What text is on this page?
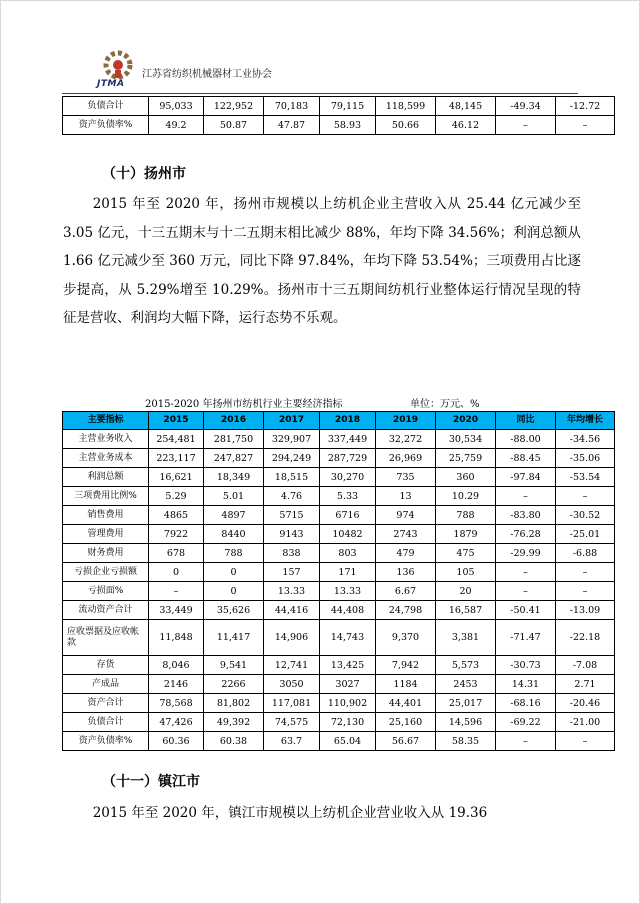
JTMA
江苏省纺织机械器材工业协会
负债合计	95,033	122,952	70,183	79,115	118,599	48,145	-49.34	-12.72
资产负债率%	49.2	50.87	47.87	58.93	50.66	46.12	–	–
（十）扬州市

2015 年至 2020 年，扬州市规模以上纺机企业主营收入从 25.44 亿元减少至 3.05 亿元，十三五期末与十二五期末相比减少 88%，年均下降 34.56%；利润总额从 1.66 亿元减少至 360 万元，同比下降 97.84%，年均下降 53.54%；三项费用占比逐步提高，从 5.29%增至 10.29%。扬州市十三五期间纺机行业整体运行情况呈现的特征是营收、利润均大幅下降，运行态势不乐观。

2015-2020 年扬州市纺机行业主要经济指标	单位：万元、%
主要指标	2015	2016	2017	2018	2019	2020	同比	年均增长
主营业务收入	254,481	281,750	329,907	337,449	32,272	30,534	-88.00	-34.56
主营业务成本	223,117	247,827	294,249	287,729	26,969	25,759	-88.45	-35.06
利润总额	16,621	18,349	18,515	30,270	735	360	-97.84	-53.54
三项费用比例%	5.29	5.01	4.76	5.33	13	10.29	–	–
销售费用	4865	4897	5715	6716	974	788	-83.80	-30.52
管理费用	7922	8440	9143	10482	2743	1879	-76.28	-25.01
财务费用	678	788	838	803	479	475	-29.99	-6.88
亏损企业亏损额	0	0	157	171	136	105	–	–
亏损面%	–	0	13.33	13.33	6.67	20	–	–
流动资产合计	33,449	35,626	44,416	44,408	24,798	16,587	-50.41	-13.09
应收票据及应收帐款	11,848	11,417	14,906	14,743	9,370	3,381	-71.47	-22.18
存货	8,046	9,541	12,741	13,425	7,942	5,573	-30.73	-7.08
产成品	2146	2266	3050	3027	1184	2453	14.31	2.71
资产合计	78,568	81,802	117,081	110,902	44,401	25,017	-68.16	-20.46
负债合计	47,426	49,392	74,575	72,130	25,160	14,596	-69.22	-21.00
资产负债率%	60.36	60.38	63.7	65.04	56.67	58.35	–	–
（十一）镇江市

2015 年至 2020 年，镇江市规模以上纺机企业营业收入从 19.36
